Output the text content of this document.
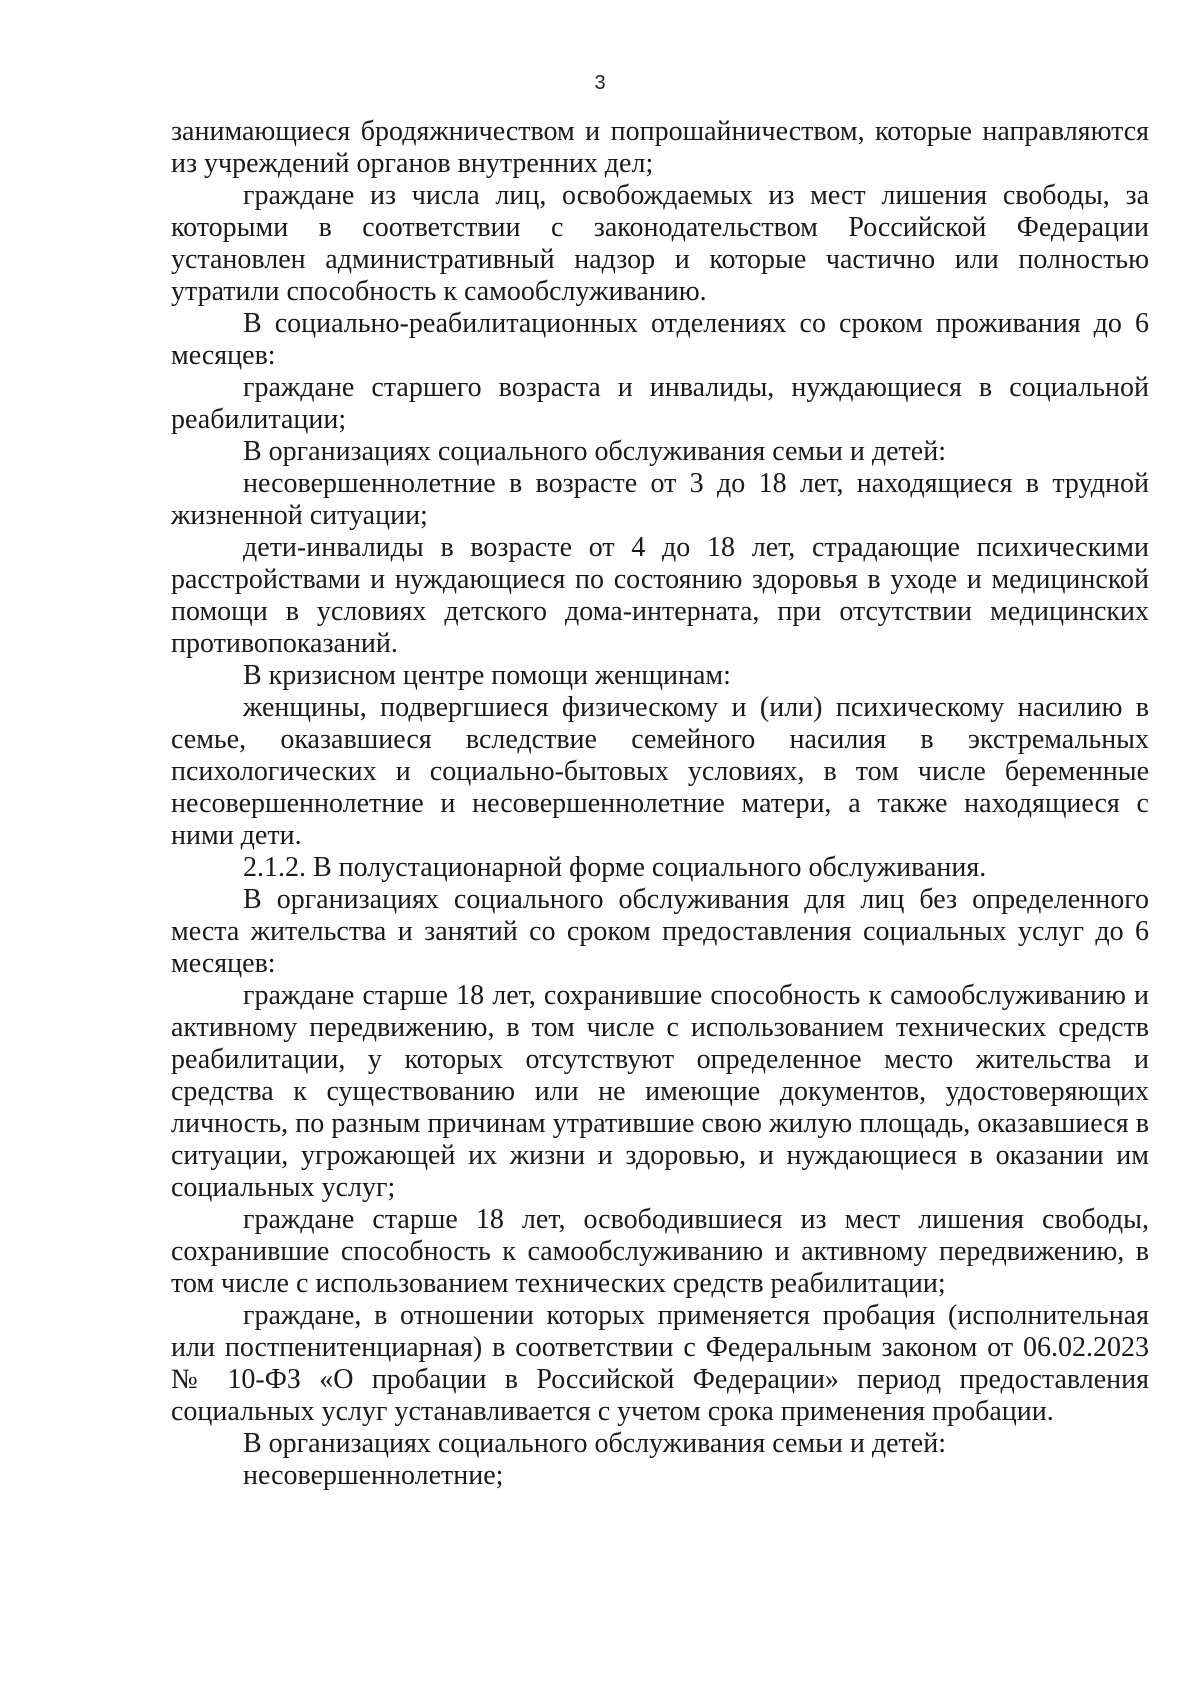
3

занимающиеся бродяжничеством и попрошайничеством, которые направляются из учреждений органов внутренних дел;

граждане из числа лиц, освобождаемых из мест лишения свободы, за которыми в соответствии с законодательством Российской Федерации установлен административный надзор и которые частично или полностью утратили способность к самообслуживанию.

В социально-реабилитационных отделениях со сроком проживания до 6 месяцев:

граждане старшего возраста и инвалиды, нуждающиеся в социальной реабилитации;

В организациях социального обслуживания семьи и детей:

несовершеннолетние в возрасте от 3 до 18 лет, находящиеся в трудной жизненной ситуации;

дети-инвалиды в возрасте от 4 до 18 лет, страдающие психическими расстройствами и нуждающиеся по состоянию здоровья в уходе и медицинской помощи в условиях детского дома-интерната, при отсутствии медицинских противопоказаний.

В кризисном центре помощи женщинам:

женщины, подвергшиеся физическому и (или) психическому насилию в семье, оказавшиеся вследствие семейного насилия в экстремальных психологических и социально-бытовых условиях, в том числе беременные несовершеннолетние и несовершеннолетние матери, а также находящиеся с ними дети.

2.1.2. В полустационарной форме социального обслуживания.

В организациях социального обслуживания для лиц без определенного места жительства и занятий со сроком предоставления социальных услуг до 6 месяцев:

граждане старше 18 лет, сохранившие способность к самообслуживанию и активному передвижению, в том числе с использованием технических средств реабилитации, у которых отсутствуют определенное место жительства и средства к существованию или не имеющие документов, удостоверяющих личность, по разным причинам утратившие свою жилую площадь, оказавшиеся в ситуации, угрожающей их жизни и здоровью, и нуждающиеся в оказании им социальных услуг;

граждане старше 18 лет, освободившиеся из мест лишения свободы, сохранившие способность к самообслуживанию и активному передвижению, в том числе с использованием технических средств реабилитации;

граждане, в отношении которых применяется пробация (исполнительная или постпенитенциарная) в соответствии с Федеральным законом от 06.02.2023 № 10-ФЗ «О пробации в Российской Федерации» период предоставления социальных услуг устанавливается с учетом срока применения пробации.

В организациях социального обслуживания семьи и детей:

несовершеннолетние;
